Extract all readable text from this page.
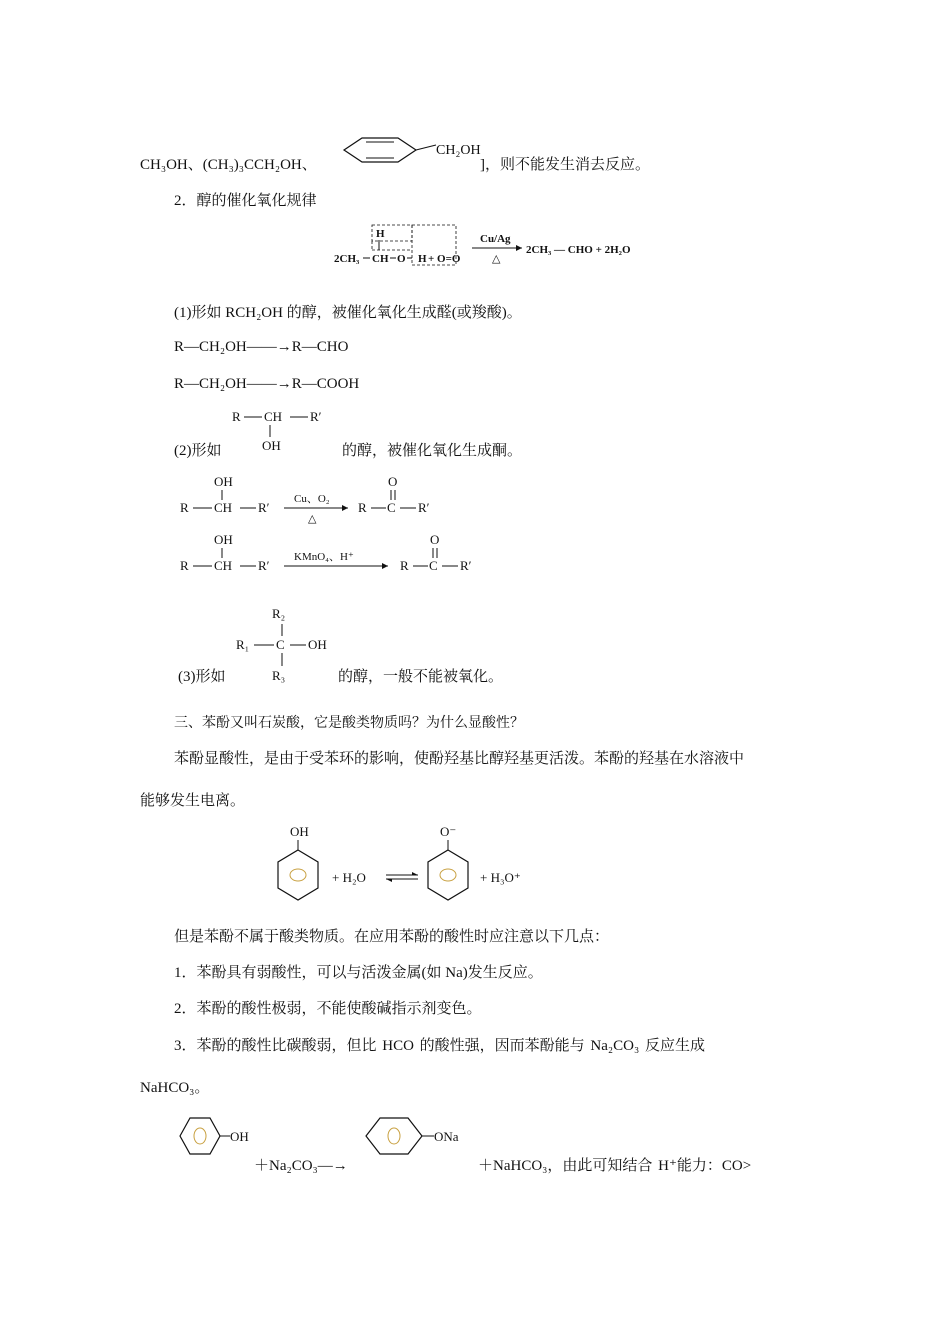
CH₃OH、(CH₃)₃CCH₂OH、
CH₂OH
]，则不能发生消去反应。
2．醇的催化氧化规律
H
2CH₃ CH O H + O=O
Cu/Ag
△
2CH₃ — CHO + 2H₂O
(1)形如 RCH₂OH 的醇，被催化氧化生成醛(或羧酸)。
R—CH₂OH——→R—CHO
R—CH₂OH——→R—COOH
R CH R′
OH
(2)形如	的醇，被催化氧化生成酮。
OH
R CH R′
Cu、O₂
△
O
R C R′
OH
R CH R′
KMnO₄、H⁺
O
R C R′
R₂
R₁ C OH
R₃
(3)形如	的醇，一般不能被氧化。
三、苯酚又叫石炭酸，它是酸类物质吗？为什么显酸性？
苯酚显酸性，是由于受苯环的影响，使酚羟基比醇羟基更活泼。苯酚的羟基在水溶液中
能够发生电离。
OH
+ H₂O
O⁻
+ H₃O⁺
但是苯酚不属于酸类物质。在应用苯酚的酸性时应注意以下几点：
1．苯酚具有弱酸性，可以与活泼金属(如 Na)发生反应。
2．苯酚的酸性极弱，不能使酸碱指示剂变色。
3．苯酚的酸性比碳酸弱，但比 HCO 的酸性强，因而苯酚能与 Na₂CO₃ 反应生成
NaHCO₃。
OH
＋Na₂CO₃—→
ONa
＋NaHCO₃，由此可知结合 H⁺能力：CO>
